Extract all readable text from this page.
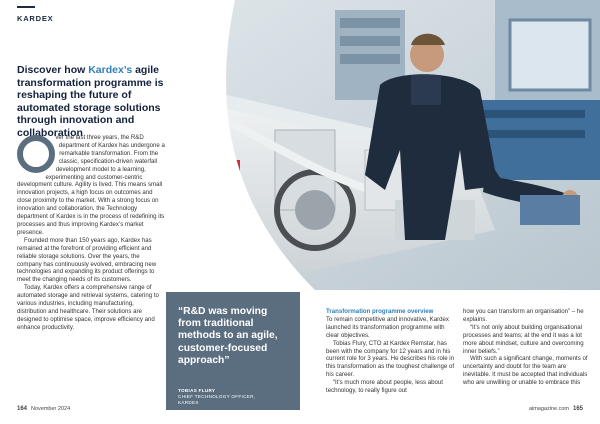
KARDEX
Discover how Kardex’s agile transformation programme is reshaping the future of automated storage solutions through innovation and collaboration
O

ver the last three years, the R&D department of Kardex has undergone a remarkable transformation. From the classic, specification-driven waterfall development model to a learning, experimenting and customer-centric development culture. Agility is lived. This means small innovation projects, a high focus on outcomes and close proximity to the market. With a strong focus on innovation and collaboration, the Technology department of Kardex is in the process of redefining its processes and thus improving Kardex’s market presence.

Founded more than 150 years ago, Kardex has remained at the forefront of providing efficient and reliable storage solutions. Over the years, the company has continuously evolved, embracing new technologies and expanding its product offerings to meet the changing needs of its customers.

Today, Kardex offers a comprehensive range of automated storage and retrieval systems, catering to various industries, including manufacturing, distribution and healthcare. Their solutions are designed to optimise space, improve efficiency and enhance productivity.

“R&D was moving from traditional methods to an agile, customer-focused approach”
TOBIAS FLURY
CHIEF TECHNOLOGY OFFICER,
KARDEX
Transformation programme overview

To remain competitive and innovative, Kardex launched its transformation programme with clear objectives.

Tobias Flury, CTO at Kardex Remstar, has been with the company for 12 years and in his current role for 3 years. He describes his role in this transformation as the toughest challenge of his career.

“It’s much more about people, less about technology, to really figure out

how you can transform an organisation” – he explains.

“It’s not only about building organisational processes and teams; at the end it was a lot more about mindset, culture and overcoming inner beliefs.”

With such a significant change, moments of uncertainty and doubt for the team are inevitable. It must be accepted that individuals who are unwilling or unable to embrace this

164 November 2024	aimagazine.com 165
